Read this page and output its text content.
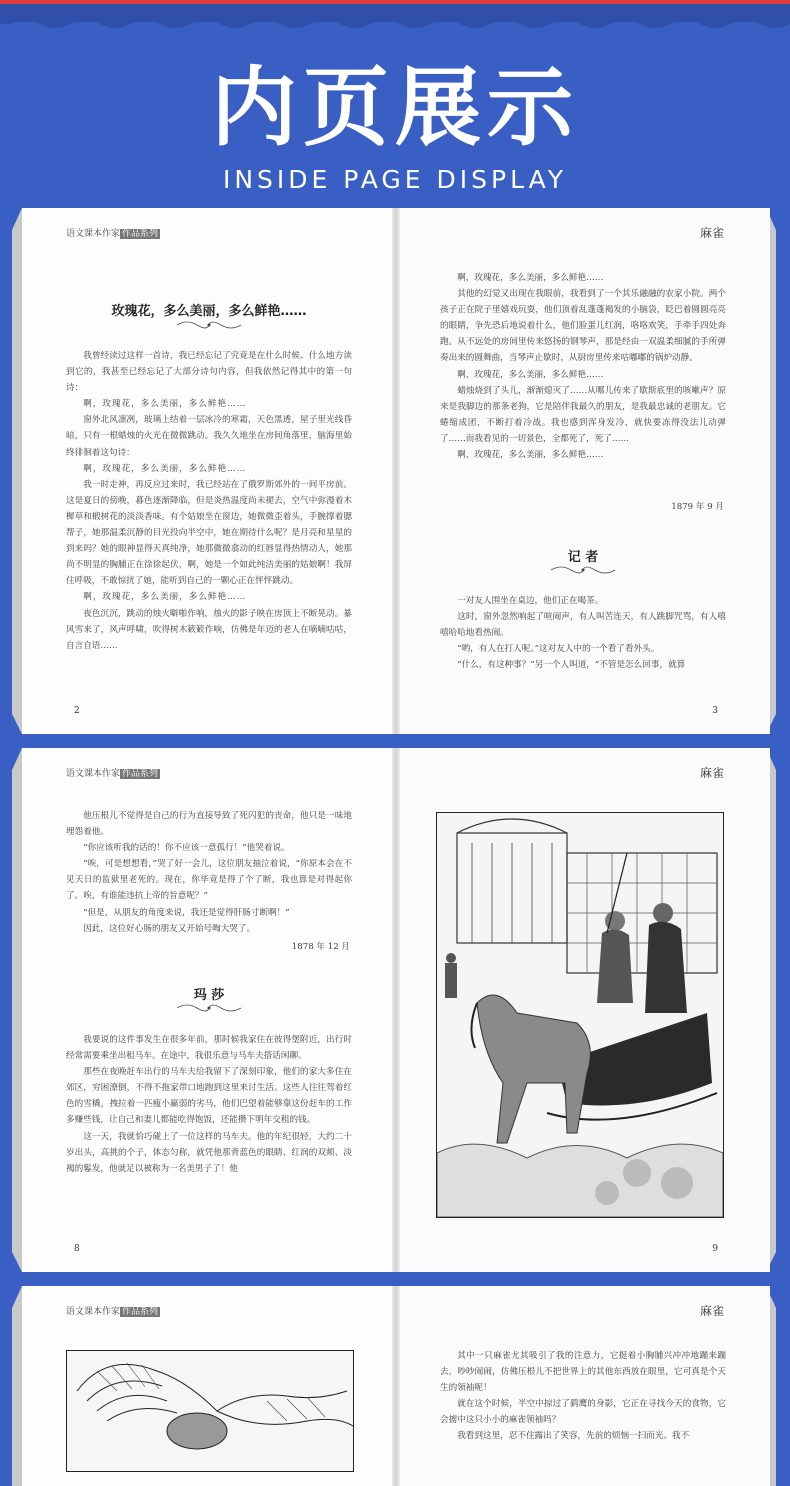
内页展示
INSIDE PAGE DISPLAY
语文课本作家 作品系列
玫瑰花，多么美丽，多么鲜艳……

我曾经读过这样一首诗，我已经忘记了究竟是在什么时候、什么地方读到它的，我甚至已经忘记了大部分诗句内容，但我依然记得其中的第一句诗：

啊，玫瑰花，多么美丽，多么鲜艳……

窗外北风凛冽，玻璃上结着一层冰冷的寒霜，天色黑透，屋子里光线昏暗，只有一根蜡烛的火光在微微跳动。我久久地坐在房间角落里，脑海里始终徘徊着这句诗：

啊，玫瑰花，多么美丽，多么鲜艳……

我一时走神，再反应过来时，我已经站在了俄罗斯郊外的一间平房前。这是夏日的傍晚，暮色逐渐降临，但是炎热温度尚未褪去，空气中弥漫着木樨草和椴树花的淡淡香味。有个姑娘坐在窗边，她微微歪着头，手腕撑着腮帮子，她那温柔沉静的目光投向半空中，她在期待什么呢？是月亮和星星的到来吗？她的眼神显得天真纯净，她那微微翕动的红唇显得热情动人，她那尚不明显的胸脯正在徐徐起伏，啊，她是一个如此纯洁美丽的姑娘啊！我屏住呼吸，不敢惊扰了她，能听到自己的一颗心正在怦怦跳动。

啊，玫瑰花，多么美丽，多么鲜艳……

夜色沉沉，跳动的烛火噼啪作响，烛火的影子映在房顶上不断晃动。暴风雪来了，风声呼啸，吹得树木簌簌作响，仿佛是年迈的老人在嘀嘀咕咕，自言自语……

2
麻雀

啊，玫瑰花，多么美丽，多么鲜艳……

其他的幻觉又出现在我眼前，我看到了一个其乐融融的农家小院。两个孩子正在院子里嬉戏玩耍，他们顶着乱蓬蓬褐发的小脑袋，眨巴着圆圆亮亮的眼睛，争先恐后地说着什么，他们脸蛋儿红润，咯咯欢笑，手牵手四处奔跑。从不远处的房间里传来悠扬的钢琴声，那是经由一双温柔细腻的手所弹奏出来的圆舞曲，当琴声止歇时，从厨房里传来咕嘟嘟的锅炉动静。

啊，玫瑰花，多么美丽，多么鲜艳……

蜡烛烧到了头儿，渐渐熄灭了……从哪儿传来了歇斯底里的咳嗽声？原来是我脚边的那条老狗，它是陪伴我最久的朋友，是我最忠诚的老朋友。它蜷缩成团，不断打着冷战。我也感到浑身发冷，就快要冻得没法儿动弹了……而我看见的一切景色，全都死了，死了……

啊，玫瑰花，多么美丽，多么鲜艳……

1879 年 9 月
记 者

一对友人围坐在桌边，他们正在喝茶。

这时，窗外忽然响起了喧闹声，有人叫苦连天，有人跳脚咒骂，有人嘻嘻哈哈地看热闹。

“哟，有人在打人呢。”这对友人中的一个看了看外头。

“什么，有这种事？”另一个人叫道，“不管是怎么回事，就算

3
语文课本作家 作品系列

他压根儿不觉得是自己的行为直接导致了死闪犯的丧命，他只是一味地埋怨着他。

“你应该听我的话的！你不应该一意孤行！”他哭着说。

“唉，可是想想看，”哭了好一会儿，这位朋友抽泣着说，“你原本会在不见天日的监狱里老死的。现在，你毕竟是得了个了断，我也算是对得起你了。唉，有谁能违抗上帝的旨意呢？”

“但是，从朋友的角度来说，我还是觉得肝肠寸断啊！”

因此，这位好心肠的朋友又开始号啕大哭了。

1878 年 12 月
玛 莎

我要说的这件事发生在很多年前，那时候我家住在彼得堡附近，出行时经常需要乘坐出租马车。在途中，我很乐意与马车夫搭话闲聊。

那些在夜晚赶车出行的马车夫给我留下了深刻印象，他们的家大多住在郊区，穷困潦倒，不得不拖家带口地跑到这里来讨生活。这些人往往驾着红色的雪橇，拽拉着一匹瘦小羸弱的劣马，他们巴望着能够靠这份赶车的工作多赚些钱，让自己和妻儿都能吃得饱饭，还能攒下明年交租的钱。

这一天，我就恰巧碰上了一位这样的马车夫。他的年纪很轻，大约二十岁出头，高挑的个子，体态匀称，就凭他那背蓝色的眼睛、红润的双颊、淡褐的鬈发，他就足以被称为一名美男子了！他

8
麻雀
9
语文课本作家 作品系列	麻雀

其中一只麻雀尤其吸引了我的注意力，它挺着小胸脯兴冲冲地蹦来蹦去，吵吵闹闹，仿佛压根儿不把世界上的其他东西放在眼里，它可真是个天生的领袖呢！

就在这个时候，半空中掠过了鹞鹰的身影，它正在寻找今天的食物，它会掳中这只小小的麻雀领袖吗？

我看到这里，忍不住露出了笑容，先前的烦恼一扫而光。我不
